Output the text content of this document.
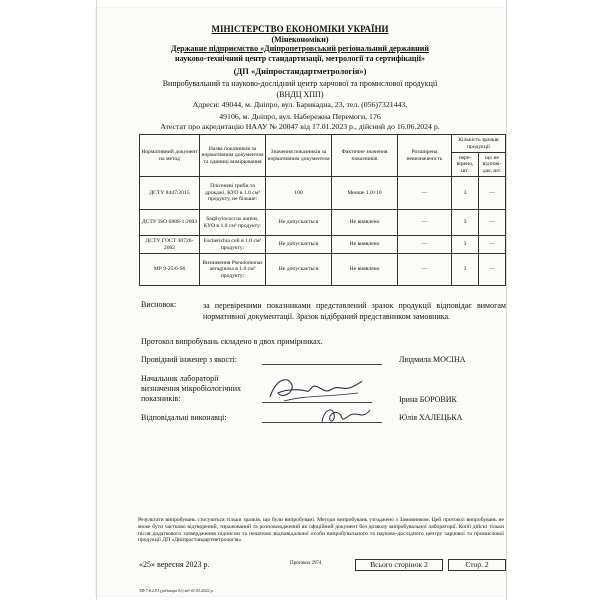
МІНІСТЕРСТВО ЕКОНОМІКИ УКРАЇНИ
(Мінекономіки)
Державне підприємство «Дніпропетровський регіональний державний
науково-технічний центр стандартизації, метрології та сертифікації»
(ДП «Дніпростандартметрологія»)
Випробувальний та науково-дослідний центр харчової та промислової продукції
(ВНДЦ ХПП)
Адреси: 49044, м. Дніпро, вул. Барикадна, 23, тел. (056)7321443,
49106, м. Дніпро, вул. Набережна Перемоги, 176
Атестат про акредитацію НААУ № 20047 від 17.01.2023 р., дійсний до 16.06.2024 р.
Нормативний документ на метод	Назва показників за нормативним документом та одиниці вимірювання	Значення показників за нормативним документом	Фактичне значення показників	Розширена невизначеність	Кількість зразків продукції	
					пере-вірено, шт.	що не відпові-дає, шт.
ДСТУ 8447:2015	Плісеневі гриби та дріжджі, КУО в 1.0 см³ продукту, не більше:	100	Менше 1.0×10	—	3	—
ДСТУ ISO 6888-1:2003	Staphylococcus aureus, КУО в 1.0 см³ продукту:	Не допускається	Не виявлено	—	3	—
ДСТУ ГОСТ 30726-2002	Escherichia coli в 1.0 см³ продукту:	Не допускається	Не виявлено	—	3	—
МР 9-25/6-96	Визначення Pseudomonas aeruginosa в 1.0 см³ продукту:	Не допускається	Не виявлено	—	3	—
Висновок:	за перевіреними показниками представлений зразок продукції відповідає вимогам нормативної документації. Зразок відібраний представником замовника.
Протокол випробувань складено в двох примірниках.
Провідний інженер з якості:	Людмила МОСІНА
Начальник лабораторії
визначення мікробіологічних
показників:	Ірина БОРОВИК
Відповідальні виконавці:	Юлія ХАЛЕЦЬКА
Результати випробувань стосуються тільки зразків, що були випробувані. Методи випробувань узгоджено з Замовником. Цей протокол випробувань не може бути частково відтворений, тиражований та розповсюджений як офіційний документ без дозволу випробувальної лабораторії. Копії дійсні тільки після додаткового затвердження підписом та печаткою відповідальної особи випробувального та науково-дослідного центру харчової та промислової продукції ДП «Дніпростандартметрологія».
«25» вересня 2023 р.	Протокол 2974	Всього сторінок 2	Стор. 2
ТФ 7.8.2.01 (редакція 01) від 01.03.2022 р.
